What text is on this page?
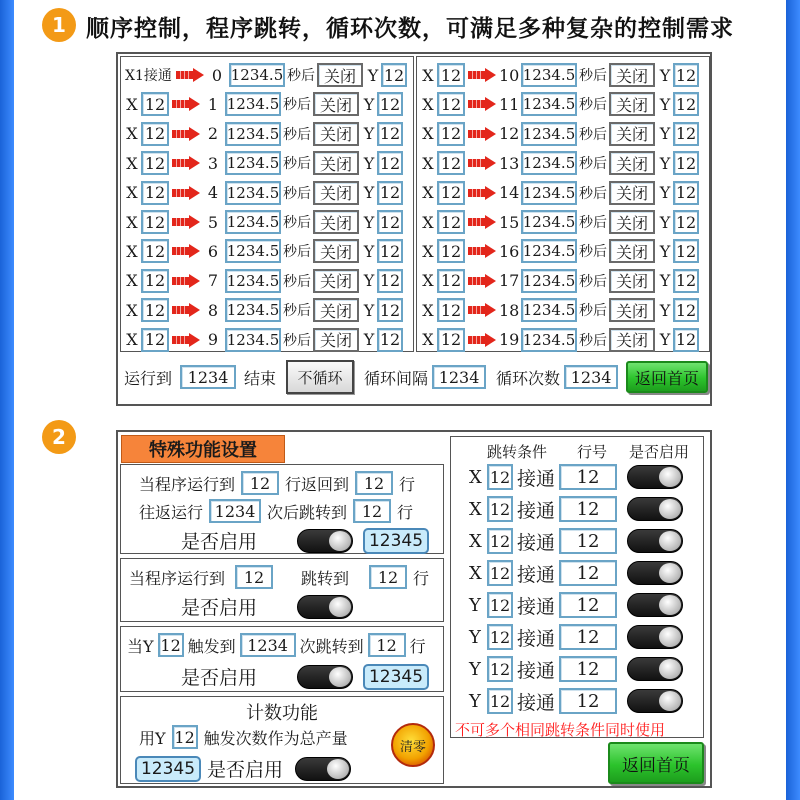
1 顺序控制，程序跳转，循环次数，可满足多种复杂的控制需求
X1接通	0 1234.5 秒后 关闭 Y 12
X 12	1 1234.5 秒后 关闭 Y 12
X 12	2 1234.5 秒后 关闭 Y 12
X 12	3 1234.5 秒后 关闭 Y 12
X 12	4 1234.5 秒后 关闭 Y 12
X 12	5 1234.5 秒后 关闭 Y 12
X 12	6 1234.5 秒后 关闭 Y 12
X 12	7 1234.5 秒后 关闭 Y 12
X 12	8 1234.5 秒后 关闭 Y 12
X 12	9 1234.5 秒后 关闭 Y 12
X 12 10 1234.5 秒后 关闭 Y 12
X 12 11 1234.5 秒后 关闭 Y 12
X 12 12 1234.5 秒后 关闭 Y 12
X 12 13 1234.5 秒后 关闭 Y 12
X 12 14 1234.5 秒后 关闭 Y 12
X 12 15 1234.5 秒后 关闭 Y 12
X 12 16 1234.5 秒后 关闭 Y 12
X 12 17 1234.5 秒后 关闭 Y 12
X 12 18 1234.5 秒后 关闭 Y 12
X 12 19 1234.5 秒后 关闭 Y 12
运行到 1234 结束	不循环	循环间隔 1234	循环次数 1234	返回首页
2
特殊功能设置
当程序运行到 12 行返回到 12 行
往返运行 1234 次后跳转到 12 行
是否启用	12345
当程序运行到	12	跳转到	12 行
是否启用
当Y 12 触发到 1234 次跳转到 12 行
是否启用	12345
计数功能
用Y 12 触发次数作为总产量	清零
12345 是否启用
跳转条件 行号 是否启用
不可多个相同跳转条件同时使用
X 12 接通	12
X 12 接通	12
X 12 接通	12
X 12 接通	12
Y 12 接通	12
Y 12 接通	12
Y 12 接通	12
Y 12 接通	12
返回首页
